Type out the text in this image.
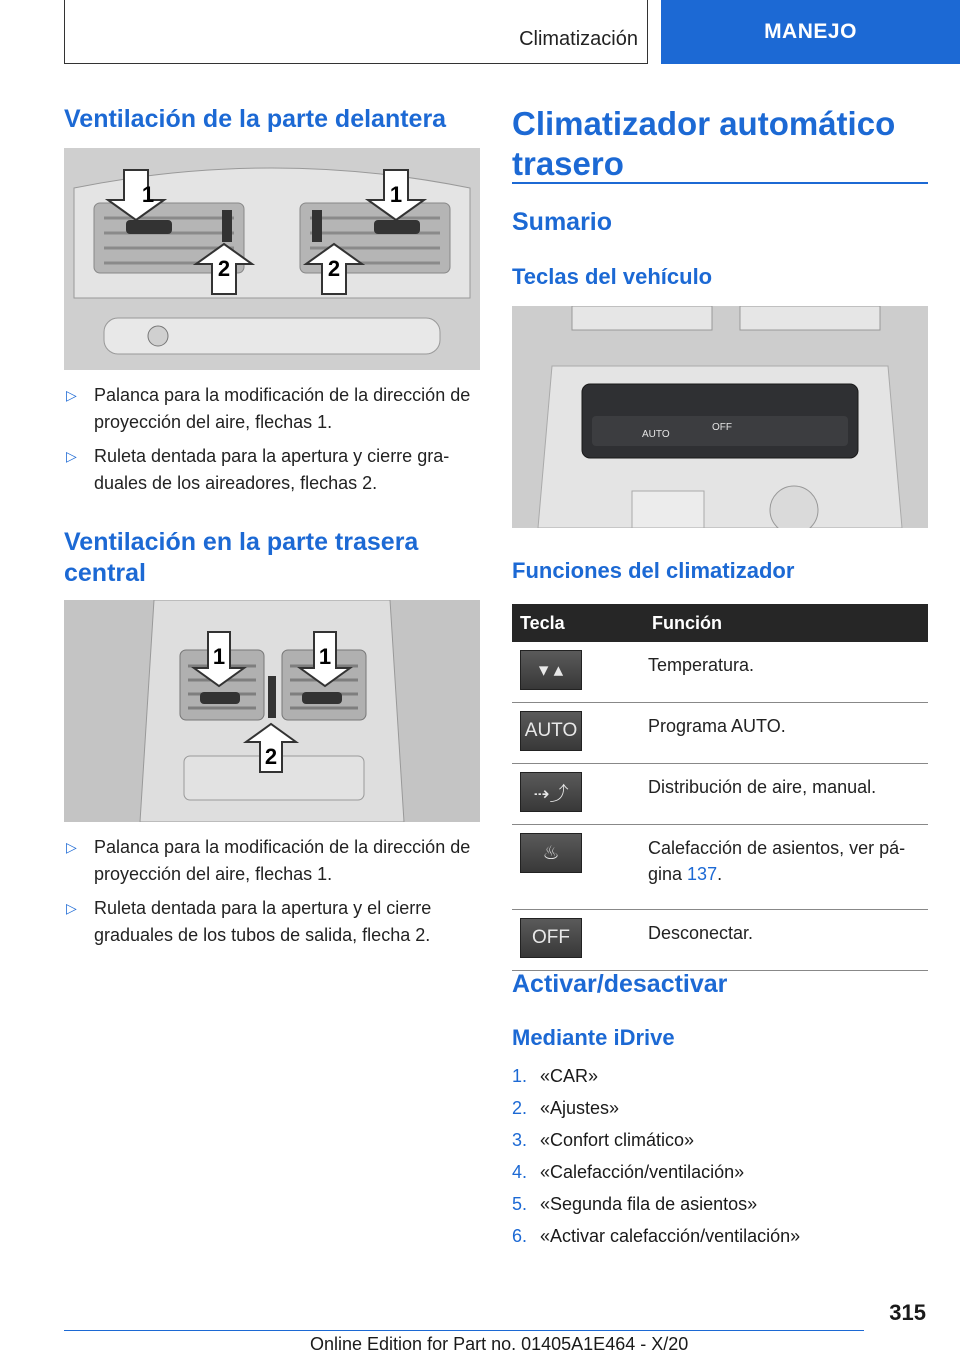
Climatización	MANEJO
Ventilación de la parte delantera
1	1
2	2
▷ Palanca para la modificación de la dirección de proyección del aire, flechas 1.
▷ Ruleta dentada para la apertura y cierre gra- duales de los aireadores, flechas 2.
Ventilación en la parte trasera central
1	1
2
▷ Palanca para la modificación de la dirección de proyección del aire, flechas 1.
▷ Ruleta dentada para la apertura y el cierre graduales de los tubos de salida, flecha 2.
Climatizador automático trasero
Sumario
Teclas del vehículo
AUTO
OFF
Funciones del climatizador
Tecla	Función

▾ ▴	Temperatura.

AUTO	Programa AUTO.

⇢⤴	Distribución de aire, manual.

♨	Calefacción de asientos, ver pá- gina 137.

OFF	Desconectar.
Activar/desactivar
Mediante iDrive
1. «CAR»
2. «Ajustes»
3. «Confort climático»
4. «Calefacción/ventilación»
5. «Segunda fila de asientos»
6. «Activar calefacción/ventilación»
315
Online Edition for Part no. 01405A1E464 - X/20
